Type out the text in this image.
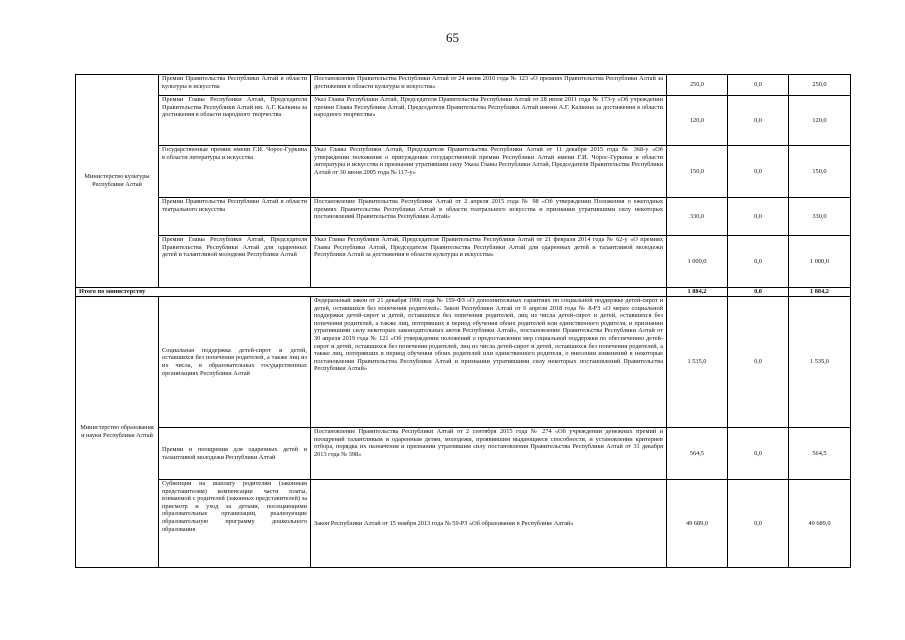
65
Министерство культуры Республики Алтай	Премии Правительства Республики Алтай в области культуры и искусства	Постановление Правительства Республики Алтай от 24 июня 2010 года № 123 «О премиях Правительства Республики Алтай за достижения в области культуры и искусства»	250,0	0,0	250,0
	Премии Главы Республики Алтай, Председателя Правительства Республики Алтай им. А.Г. Калкина за достижения в области народного творчества	Указ Главы Республики Алтай, Председателя Правительства Республики Алтай от 28 июля 2011 года № 173-у «Об учреждении премии Главы Республики Алтай, Председателя Правительства Республики Алтай имени А.Г. Калкина за достижения в области народного творчества»	120,0	0,0	120,0
	Государственные премии имени Г.И. Чорос-Гуркина в области литературы и искусства	Указ Главы Республики Алтай, Председателя Правительства Республики Алтай от 11 декабря 2015 года № 368-у «Об утверждении положения о присуждении государственной премии Республики Алтай имени Г.И. Чорос-Гуркина в области литературы и искусства и признании утратившим силу Указа Главы Республики Алтай, Председателя Правительства Республики Алтай от 30 июня 2005 года № 117-у»	150,0	0,0	150,0
	Премии Правительства Республики Алтай в области театрального искусства	Постановление Правительства Республики Алтай от 2 апреля 2015 года № 98 «Об утверждении Положения о ежегодных премиях Правительства Республики Алтай в области театрального искусства и признании утратившими силу некоторых постановлений Правительства Республики Алтай»	330,0	0,0	330,0
	Премии Главы Республики Алтай, Председателя Правительства Республики Алтай для одаренных детей и талантливой молодежи Республики Алтай	Указ Главы Республики Алтай, Председателя Правительства Республики Алтай от 21 февраля 2014 года № 62-у «О премиях Главы Республики Алтай, Председателя Правительства Республики Алтай для одаренных детей и талантливой молодежи Республики Алтай за достижения в области культуры и искусства»	1 000,0	0,0	1 000,0
Итого по министерству			1 884,2	0,0	1 884,2
Министерство образования и науки Республики Алтай	Социальная поддержка детей-сирот и детей, оставшихся без попечения родителей, а также лиц из их числа, в образовательных государственных организациях Республики Алтай	Федеральный закон от 21 декабря 1996 года № 159-ФЗ «О дополнительных гарантиях по социальной поддержке детей-сирот и детей, оставшихся без попечения родителей». Закон Республики Алтай от 6 апреля 2018 года № 8-РЗ «О мерах социальной поддержки детей-сирот и детей, оставшихся без попечения родителей, лиц из числа детей-сирот и детей, оставшихся без попечения родителей, а также лиц, потерявших в период обучения обоих родителей или единственного родителя, и признании утратившими силу некоторых законодательных актов Республики Алтай», постановление Правительства Республики Алтай от 30 апреля 2019 года № 121 «Об утверждении положений о предоставлении мер социальной поддержки по обеспечению детей-сирот и детей, оставшихся без попечения родителей, лиц из числа детей-сирот и детей, оставшихся без попечения родителей, а также лиц, потерявших в период обучения обоих родителей или единственного родителя, о внесении изменений в некоторые постановления Правительства Республики Алтай и признании утратившими силу некоторых постановлений Правительства Республики Алтай»	1 535,0	0,0	1 535,0
	Премии и поощрения для одаренных детей и талантливой молодежи Республики Алтай	Постановление Правительства Республики Алтай от 2 сентября 2015 года № 274 «Об учреждении денежных премий и поощрений талантливым и одаренным детям, молодежи, проявившим выдающиеся способности, и установлении критериев отбора, порядка их назначения и признании утратившим силу постановления Правительства Республики Алтай от 31 декабря 2013 года № 398»	564,5	0,0	564,5
	Субвенции на выплату родителям (законным представителям) компенсации части платы, взимаемой с родителей (законных представителей) за присмотр и уход за детьми, посещающими образовательные организации, реализующие образовательную программу дошкольного образования	Закон Республики Алтай от 15 ноября 2013 года № 59-РЗ «Об образовании в Республике Алтай»	49 689,0	0,0	49 689,0
